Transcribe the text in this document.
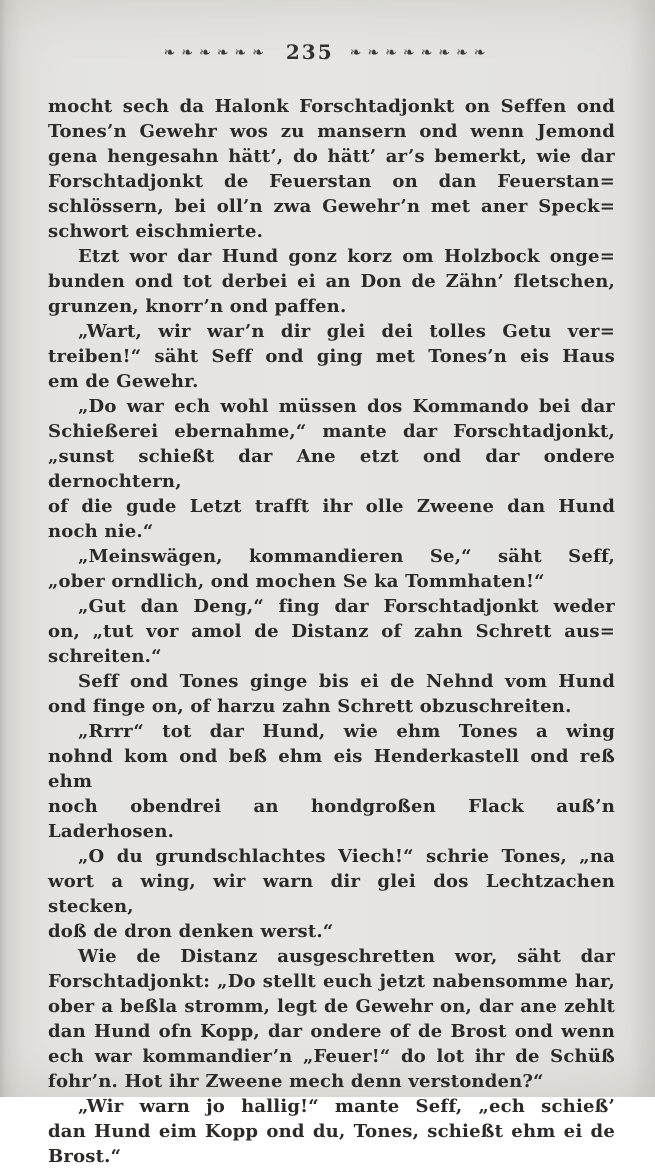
❧❧❧❧❧❧ 235 ❧❧❧❧❧❧❧❧
mocht sech da Halonk Forschtadjonkt on Seffen ond
Tones’n Gewehr wos zu mansern ond wenn Jemond
gena hengesahn hätt’, do hätt’ ar’s bemerkt, wie dar
Forschtadjonkt de Feuerstan on dan Feuerstan=
schlössern, bei oll’n zwa Gewehr’n met aner Speck=
schwort eischmierte.
Etzt wor dar Hund gonz korz om Holzbock onge=
bunden ond tot derbei ei an Don de Zähn’ fletschen,
grunzen, knorr’n ond paffen.
„Wart, wir war’n dir glei dei tolles Getu ver=
treiben!“ säht Seff ond ging met Tones’n eis Haus
em de Gewehr.
„Do war ech wohl müssen dos Kommando bei dar
Schießerei ebernahme,“ mante dar Forschtadjonkt,
„sunst schießt dar Ane etzt ond dar ondere dernochtern,
of die gude Letzt trafft ihr olle Zweene dan Hund
noch nie.“
„Meinswägen, kommandieren Se,“ säht Seff,
„ober orndlich, ond mochen Se ka Tommhaten!“
„Gut dan Deng,“ fing dar Forschtadjonkt weder
on, „tut vor amol de Distanz of zahn Schrett aus=
schreiten.“
Seff ond Tones ginge bis ei de Nehnd vom Hund
ond finge on, of harzu zahn Schrett obzuschreiten.
„Rrrr“ tot dar Hund, wie ehm Tones a wing
nohnd kom ond beß ehm eis Henderkastell ond reß ehm
noch obendrei an hondgroßen Flack auß’n Laderhosen.
„O du grundschlachtes Viech!“ schrie Tones, „na
wort a wing, wir warn dir glei dos Lechtzachen stecken,
doß de dron denken werst.“
Wie de Distanz ausgeschretten wor, säht dar
Forschtadjonkt: „Do stellt euch jetzt nabensomme har,
ober a beßla stromm, legt de Gewehr on, dar ane zehlt
dan Hund ofn Kopp, dar ondere of de Brost ond wenn
ech war kommandier’n „Feuer!“ do lot ihr de Schüß
fohr’n. Hot ihr Zweene mech denn verstonden?“
„Wir warn jo hallig!“ mante Seff, „ech schieß’
dan Hund eim Kopp ond du, Tones, schießt ehm ei de
Brost.“
